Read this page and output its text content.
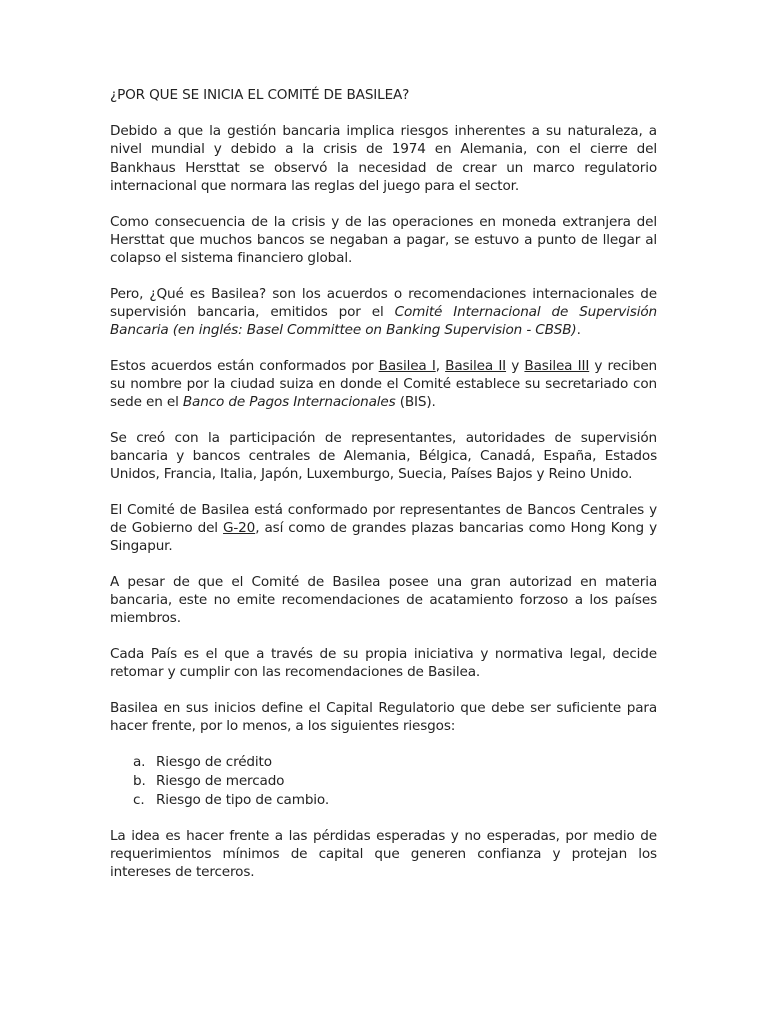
¿POR QUE SE INICIA EL COMITÉ DE BASILEA?

Debido a que la gestión bancaria implica riesgos inherentes a su naturaleza, a nivel mundial y debido a la crisis de 1974 en Alemania, con el cierre del Bankhaus Hersttat se observó la necesidad de crear un marco regulatorio internacional que normara las reglas del juego para el sector.

Como consecuencia de la crisis y de las operaciones en moneda extranjera del Hersttat que muchos bancos se negaban a pagar, se estuvo a punto de llegar al colapso el sistema financiero global.

Pero, ¿Qué es Basilea? son los acuerdos o recomendaciones internacionales de supervisión bancaria, emitidos por el Comité Internacional de Supervisión Bancaria (en inglés: Basel Committee on Banking Supervision - CBSB).

Estos acuerdos están conformados por Basilea I, Basilea II y Basilea III y reciben su nombre por la ciudad suiza en donde el Comité establece su secretariado con sede en el Banco de Pagos Internacionales (BIS).

Se creó con la participación de representantes, autoridades de supervisión bancaria y bancos centrales de Alemania, Bélgica, Canadá, España, Estados Unidos, Francia, Italia, Japón, Luxemburgo, Suecia, Países Bajos y Reino Unido.

El Comité de Basilea está conformado por representantes de Bancos Centrales y de Gobierno del G-20, así como de grandes plazas bancarias como Hong Kong y Singapur.

A pesar de que el Comité de Basilea posee una gran autorizad en materia bancaria, este no emite recomendaciones de acatamiento forzoso a los países miembros.

Cada País es el que a través de su propia iniciativa y normativa legal, decide retomar y cumplir con las recomendaciones de Basilea.

Basilea en sus inicios define el Capital Regulatorio que debe ser suficiente para hacer frente, por lo menos, a los siguientes riesgos:

a. Riesgo de crédito
b. Riesgo de mercado
c. Riesgo de tipo de cambio.

La idea es hacer frente a las pérdidas esperadas y no esperadas, por medio de requerimientos mínimos de capital que generen confianza y protejan los intereses de terceros.
